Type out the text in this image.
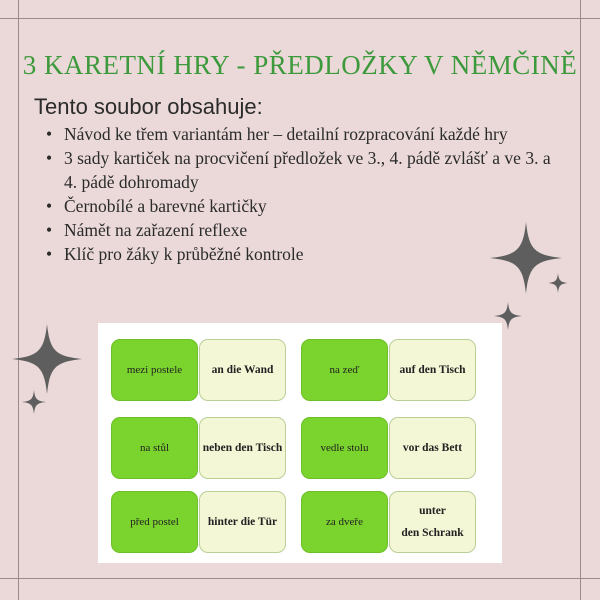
3 KARETNÍ HRY - PŘEDLOŽKY V NĚMČINĚ
Tento soubor obsahuje:
• Návod ke třem variantám her – detailní rozpracování každé hry
• 3 sady kartiček na procvičení předložek ve 3., 4. pádě zvlášť a ve 3. a 4. pádě dohromady
• Černobílé a barevné kartičky
• Námět na zařazení reflexe
• Klíč pro žáky k průběžné kontrole
mezi postele	an die Wand
na stůl	neben den Tisch
před postel	hinter die Tür
na zeď	auf den Tisch
vedle stolu	vor das Bett
za dveře
unter
den Schrank
